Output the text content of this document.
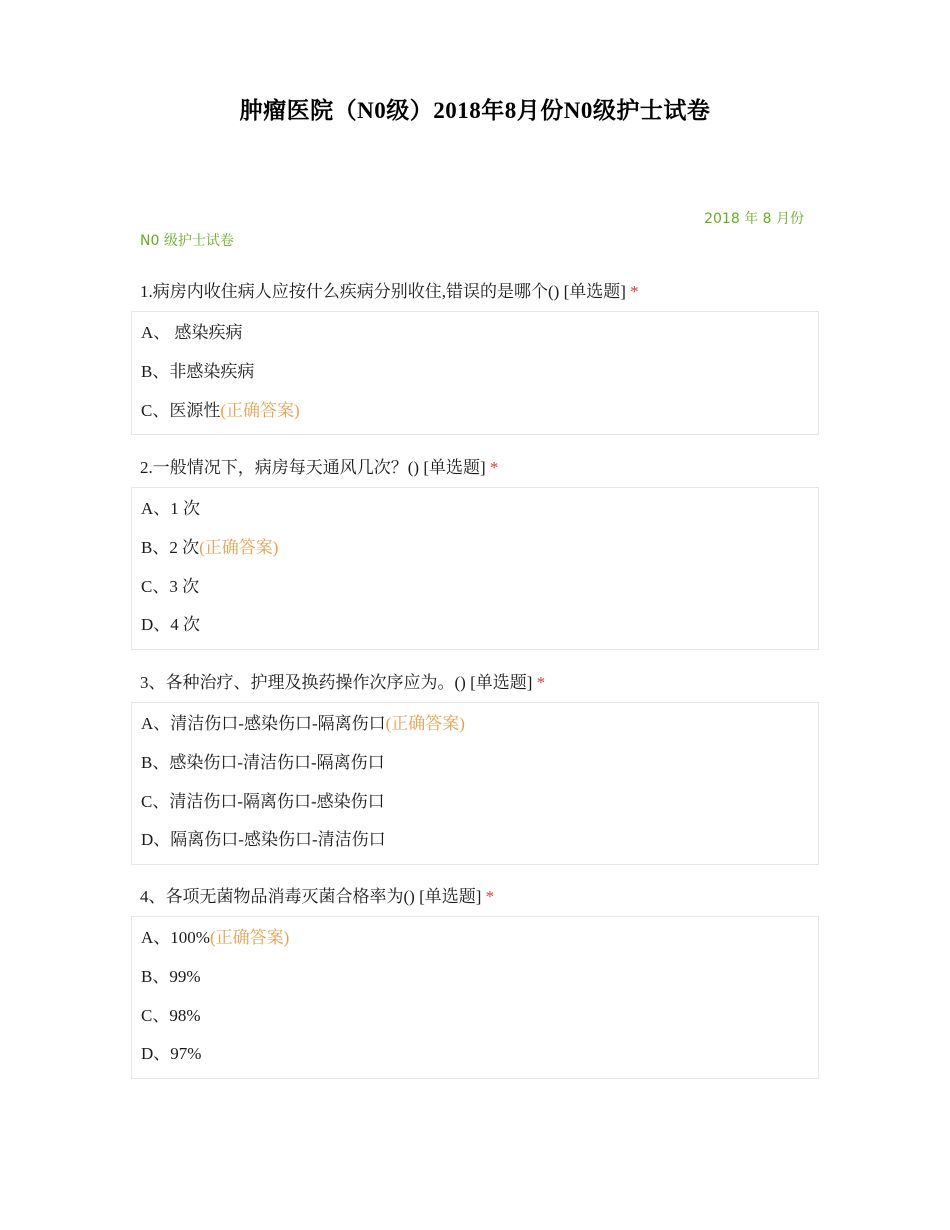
肿瘤医院（N0级）2018年8月份N0级护士试卷
2018 年 8 月份
N0 级护士试卷
1.病房内收住病人应按什么疾病分别收住,错误的是哪个() [单选题] *
A、 感染疾病
B、非感染疾病
C、医源性(正确答案)
2.一般情况下，病房每天通风几次？() [单选题] *
A、1 次
B、2 次(正确答案)
C、3 次
D、4 次
3、各种治疗、护理及换药操作次序应为。() [单选题] *
A、清洁伤口-感染伤口-隔离伤口(正确答案)
B、感染伤口-清洁伤口-隔离伤口
C、清洁伤口-隔离伤口-感染伤口
D、隔离伤口-感染伤口-清洁伤口
4、各项无菌物品消毒灭菌合格率为() [单选题] *
A、100%(正确答案)
B、99%
C、98%
D、97%
